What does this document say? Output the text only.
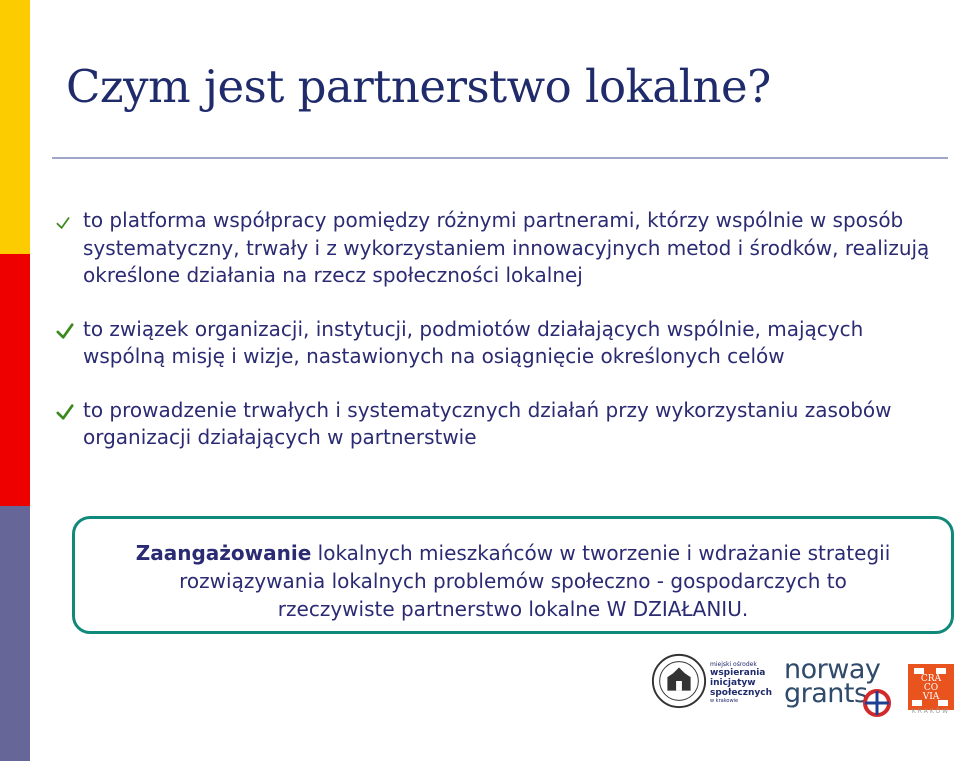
Czym jest partnerstwo lokalne?
to platforma współpracy pomiędzy różnymi partnerami, którzy wspólnie w sposób systematyczny, trwały i z wykorzystaniem innowacyjnych metod i środków, realizują określone działania na rzecz społeczności lokalnej
to związek organizacji, instytucji, podmiotów działających wspólnie, mających wspólną misję i wizje, nastawionych na osiągnięcie określonych celów
to prowadzenie trwałych i systematycznych działań przy wykorzystaniu zasobów organizacji działających w partnerstwie
Zaangażowanie lokalnych mieszkańców w tworzenie i wdrażanie strategii
rozwiązywania lokalnych problemów społeczno - gospodarczych to
rzeczywiste partnerstwo lokalne W DZIAŁANIU.
miejski ośrodek
wspierania
inicjatyw
społecznych
w krakowie
norway
grants	CRA
CO
VIA
KRAKÓW
